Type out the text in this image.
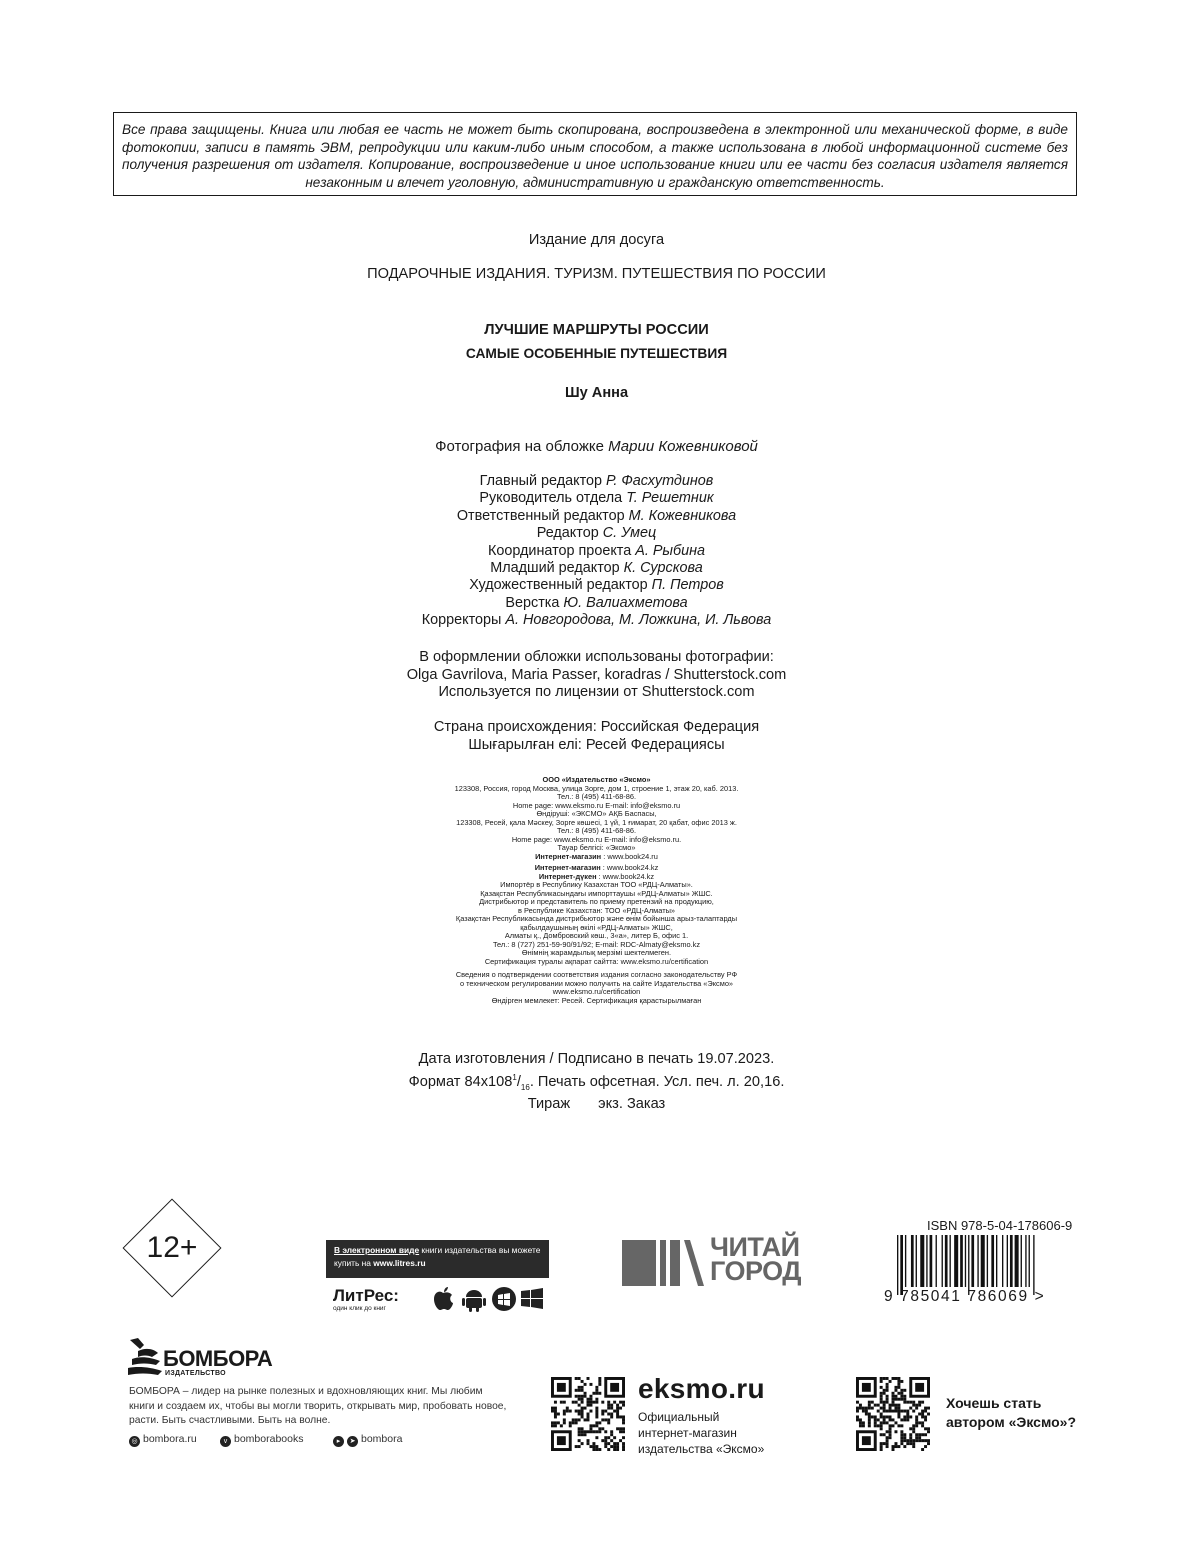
Все права защищены. Книга или любая ее часть не может быть скопирована, воспроизведена в электронной или механической форме, в виде фотокопии, записи в память ЭВМ, репродукции или каким-либо иным способом, а также использована в любой информационной системе без получения разрешения от издателя. Копирование, воспроизведение и иное использование книги или ее части без согласия издателя является незаконным и влечет уголовную, административную и гражданскую ответственность.
Издание для досуга
ПОДАРОЧНЫЕ ИЗДАНИЯ. ТУРИЗМ. ПУТЕШЕСТВИЯ ПО РОССИИ
ЛУЧШИЕ МАРШРУТЫ РОССИИ
САМЫЕ ОСОБЕННЫЕ ПУТЕШЕСТВИЯ
Шу Анна
Фотография на обложке Марии Кожевниковой
Главный редактор Р. Фасхутдинов
Руководитель отдела Т. Решетник
Ответственный редактор М. Кожевникова
Редактор С. Умец
Координатор проекта А. Рыбина
Младший редактор К. Сурскова
Художественный редактор П. Петров
Верстка Ю. Валиахметова
Корректоры А. Новгородова, М. Ложкина, И. Львова
В оформлении обложки использованы фотографии:
Olga Gavrilova, Maria Passer, koradras / Shutterstock.com
Используется по лицензии от Shutterstock.com
Страна происхождения: Российская Федерация
Шығарылған елі: Ресей Федерациясы
ООО «Издательство «Эксмо»
123308, Россия, город Москва, улица Зорге, дом 1, строение 1, этаж 20, каб. 2013.
Тел.: 8 (495) 411-68-86.
Home page: www.eksmo.ru E-mail: info@eksmo.ru
Өндіруші: «ЭКСМО» АҚБ Баспасы,
123308, Ресей, қала Мәскеу, Зорге көшесі, 1 үй, 1 ғимарат, 20 қабат, офис 2013 ж.
Тел.: 8 (495) 411-68-86.
Home page: www.eksmo.ru E-mail: info@eksmo.ru.
Тауар белгісі: «Эксмо»
Интернет-магазин : www.book24.ru
Интернет-магазин : www.book24.kz
Интернет-дүкен : www.book24.kz
Импортёр в Республику Казахстан ТОО «РДЦ-Алматы».
Қазақстан Республикасындағы импорттаушы «РДЦ-Алматы» ЖШС.
Дистрибьютор и представитель по приему претензий на продукцию,
в Республике Казахстан: ТОО «РДЦ-Алматы»
Қазақстан Республикасында дистрибьютор және өнім бойынша арыз-талаптарды
қабылдаушының өкілі «РДЦ-Алматы» ЖШС,
Алматы қ., Домбровский көш., 3«а», литер Б, офис 1.
Тел.: 8 (727) 251-59-90/91/92; E-mail: RDC-Almaty@eksmo.kz
Өнімнің жарамдылық мерзімі шектелмеген.
Сертификация туралы ақпарат сайтта: www.eksmo.ru/certification
Сведения о подтверждении соответствия издания согласно законодательству РФ
о техническом регулировании можно получить на сайте Издательства «Эксмо»
www.eksmo.ru/certification
Өндірген мемлекет: Ресей. Сертификация қарастырылмаған
Дата изготовления / Подписано в печать 19.07.2023.
Формат $84x108^1/_{16}$. Печать офсетная. Усл. печ. л. 20,16.
Тираж экз. Заказ
12+	В электронном виде книги издательства вы можете
купить на www.litres.ru
ЛитРес:
один клик до книг
ЧИТАЙ
ГОРОД
ISBN 978-5-04-178606-9
9 785041 786069 >
БОМБОРА
ИЗДАТЕЛЬСТВО
БОМБОРА – лидер на рынке полезных и вдохновляющих книг. Мы любим книги и создаем их, чтобы вы могли творить, открывать мир, пробовать новое, расти. Быть счастливыми. Быть на волне.
◎ bombora.ru	v bomborabooks	▸ ➤ bombora
eksmo.ru
Официальный
интернет-магазин
издательства «Эксмо»
Хочешь стать
автором «Эксмо»?
